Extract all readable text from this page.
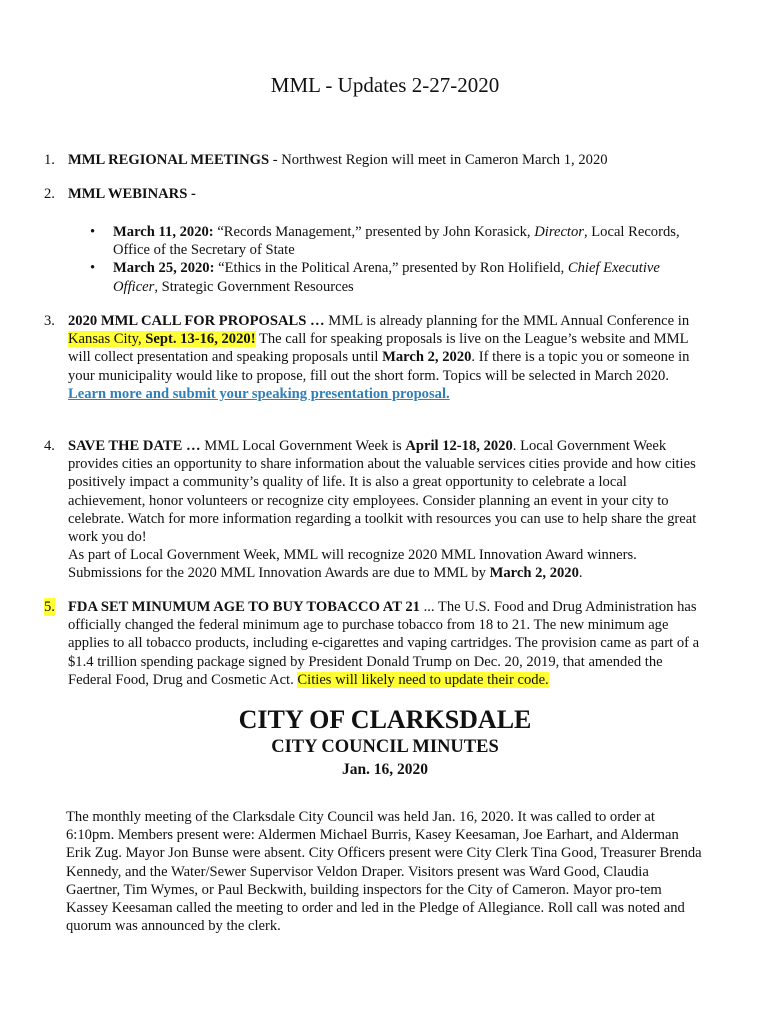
MML - Updates 2-27-2020
1. MML REGIONAL MEETINGS - Northwest Region will meet in Cameron March 1, 2020
2. MML WEBINARS -
• March 11, 2020: “Records Management,” presented by John Korasick, Director, Local Records, Office of the Secretary of State
• March 25, 2020: “Ethics in the Political Arena,” presented by Ron Holifield, Chief Executive Officer, Strategic Government Resources
3. 2020 MML CALL FOR PROPOSALS … MML is already planning for the MML Annual Conference in Kansas City, Sept. 13-16, 2020! The call for speaking proposals is live on the League’s website and MML will collect presentation and speaking proposals until March 2, 2020. If there is a topic you or someone in your municipality would like to propose, fill out the short form. Topics will be selected in March 2020. Learn more and submit your speaking presentation proposal.
4. SAVE THE DATE … MML Local Government Week is April 12-18, 2020. Local Government Week provides cities an opportunity to share information about the valuable services cities provide and how cities positively impact a community’s quality of life. It is also a great opportunity to celebrate a local achievement, honor volunteers or recognize city employees. Consider planning an event in your city to celebrate. Watch for more information regarding a toolkit with resources you can use to help share the great work you do!
As part of Local Government Week, MML will recognize 2020 MML Innovation Award winners. Submissions for the 2020 MML Innovation Awards are due to MML by March 2, 2020.
5. FDA SET MINUMUM AGE TO BUY TOBACCO AT 21 ... The U.S. Food and Drug Administration has officially changed the federal minimum age to purchase tobacco from 18 to 21. The new minimum age applies to all tobacco products, including e-cigarettes and vaping cartridges. The provision came as part of a $1.4 trillion spending package signed by President Donald Trump on Dec. 20, 2019, that amended the Federal Food, Drug and Cosmetic Act. Cities will likely need to update their code.
CITY OF CLARKSDALE
CITY COUNCIL MINUTES
Jan. 16, 2020
The monthly meeting of the Clarksdale City Council was held Jan. 16, 2020. It was called to order at 6:10pm. Members present were: Aldermen Michael Burris, Kasey Keesaman, Joe Earhart, and Alderman Erik Zug. Mayor Jon Bunse were absent. City Officers present were City Clerk Tina Good, Treasurer Brenda Kennedy, and the Water/Sewer Supervisor Veldon Draper. Visitors present was Ward Good, Claudia Gaertner, Tim Wymes, or Paul Beckwith, building inspectors for the City of Cameron. Mayor pro-tem Kassey Keesaman called the meeting to order and led in the Pledge of Allegiance. Roll call was noted and quorum was announced by the clerk.
